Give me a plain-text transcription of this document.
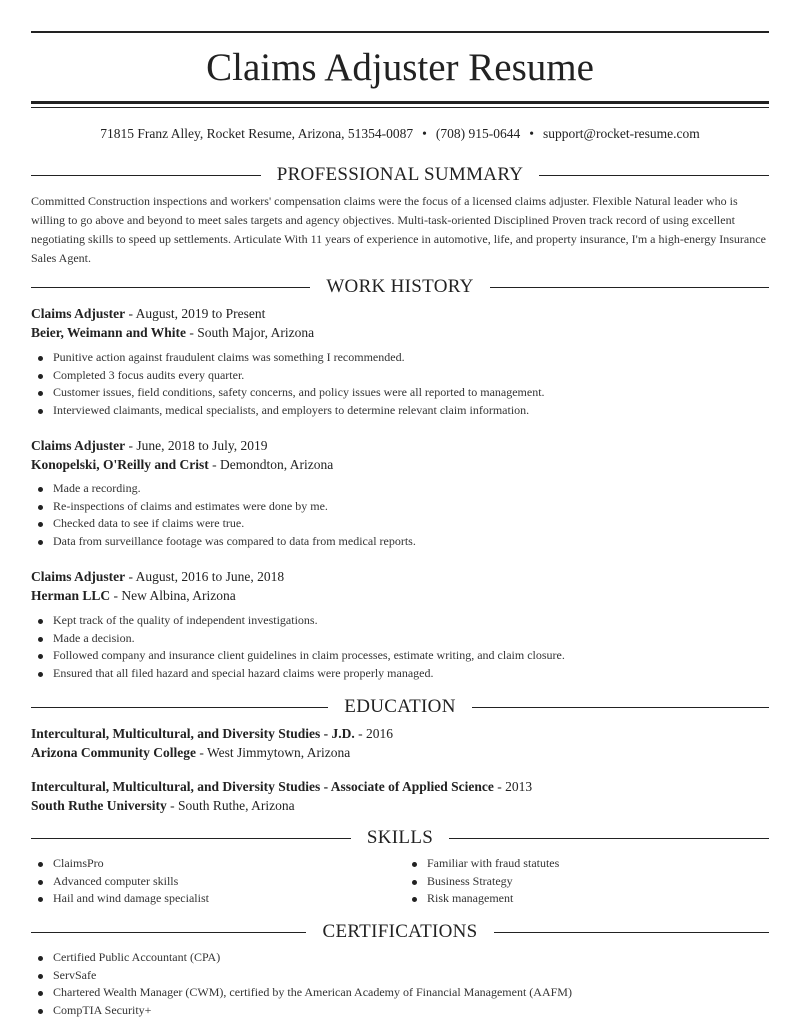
Claims Adjuster Resume
71815 Franz Alley, Rocket Resume, Arizona, 51354-0087 • (708) 915-0644 • support@rocket-resume.com
PROFESSIONAL SUMMARY
Committed Construction inspections and workers' compensation claims were the focus of a licensed claims adjuster. Flexible Natural leader who is willing to go above and beyond to meet sales targets and agency objectives. Multi-task-oriented Disciplined Proven track record of using excellent negotiating skills to speed up settlements. Articulate With 11 years of experience in automotive, life, and property insurance, I'm a high-energy Insurance Sales Agent.
WORK HISTORY
Claims Adjuster - August, 2019 to Present
Beier, Weimann and White - South Major, Arizona
Punitive action against fraudulent claims was something I recommended.
Completed 3 focus audits every quarter.
Customer issues, field conditions, safety concerns, and policy issues were all reported to management.
Interviewed claimants, medical specialists, and employers to determine relevant claim information.
Claims Adjuster - June, 2018 to July, 2019
Konopelski, O'Reilly and Crist - Demondton, Arizona
Made a recording.
Re-inspections of claims and estimates were done by me.
Checked data to see if claims were true.
Data from surveillance footage was compared to data from medical reports.
Claims Adjuster - August, 2016 to June, 2018
Herman LLC - New Albina, Arizona
Kept track of the quality of independent investigations.
Made a decision.
Followed company and insurance client guidelines in claim processes, estimate writing, and claim closure.
Ensured that all filed hazard and special hazard claims were properly managed.
EDUCATION
Intercultural, Multicultural, and Diversity Studies - J.D. - 2016
Arizona Community College - West Jimmytown, Arizona
Intercultural, Multicultural, and Diversity Studies - Associate of Applied Science - 2013
South Ruthe University - South Ruthe, Arizona
SKILLS
ClaimsPro
Advanced computer skills
Hail and wind damage specialist
Familiar with fraud statutes
Business Strategy
Risk management
CERTIFICATIONS
Certified Public Accountant (CPA)
ServSafe
Chartered Wealth Manager (CWM), certified by the American Academy of Financial Management (AAFM)
CompTIA Security+
